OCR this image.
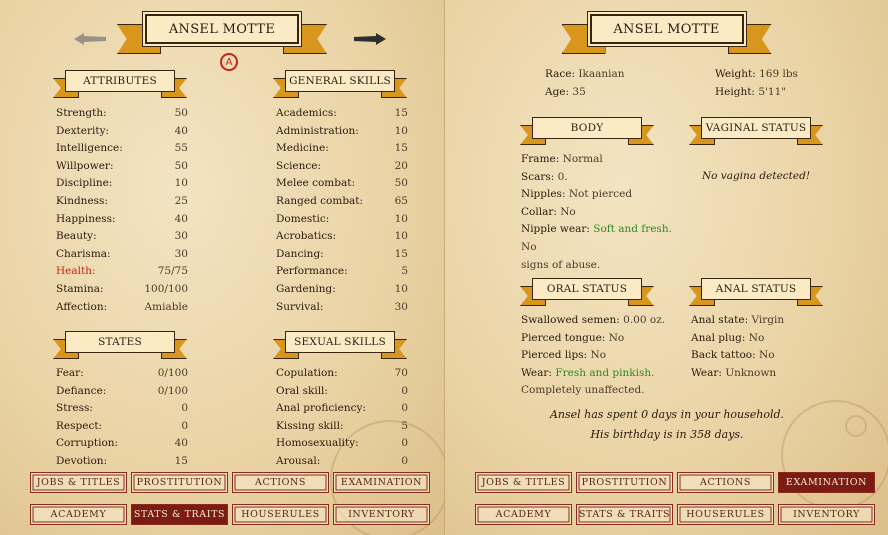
ANSEL MOTTE
A
ATTRIBUTES	GENERAL SKILLS
Strength:	50
Dexterity:	40
Intelligence:	55
Willpower:	50
Discipline:	10
Kindness:	25
Happiness:	40
Beauty:	30
Charisma:	30
Health:	75/75
Stamina:	100/100
Affection:	Amiable
Academics:	15
Administration:	10
Medicine:	15
Science:	20
Melee combat:	50
Ranged combat:	65
Domestic:	10
Acrobatics:	10
Dancing:	15
Performance:	5
Gardening:	10
Survival:	30
STATES	SEXUAL SKILLS
Fear:	0/100
Defiance:	0/100
Stress:	0
Respect:	0
Corruption:	40
Devotion:	15
Copulation:	70
Oral skill:	0
Anal proficiency:	0
Kissing skill:	5
Homosexuality:	0
Arousal:	0
JOBS & TITLES	PROSTITUTION	ACTIONS	EXAMINATION
ACADEMY	STATS & TRAITS	HOUSERULES	INVENTORY
ANSEL MOTTE
Race: Ikaanian
Age: 35
Weight: 169 lbs
Height: 5'11"
BODY	VAGINAL STATUS
Frame: Normal
Scars: 0.
Nipples: Not pierced
Collar: No
Nipple wear: Soft and fresh. No
signs of abuse.
No vagina detected!
ORAL STATUS	ANAL STATUS
Swallowed semen: 0.00 oz.
Pierced tongue: No
Pierced lips: No
Wear: Fresh and pinkish.
Completely unaffected.
Anal state: Virgin
Anal plug: No
Back tattoo: No
Wear: Unknown
Ansel has spent 0 days in your household.
His birthday is in 358 days.
JOBS & TITLES	PROSTITUTION	ACTIONS	EXAMINATION
ACADEMY	STATS & TRAITS	HOUSERULES	INVENTORY
